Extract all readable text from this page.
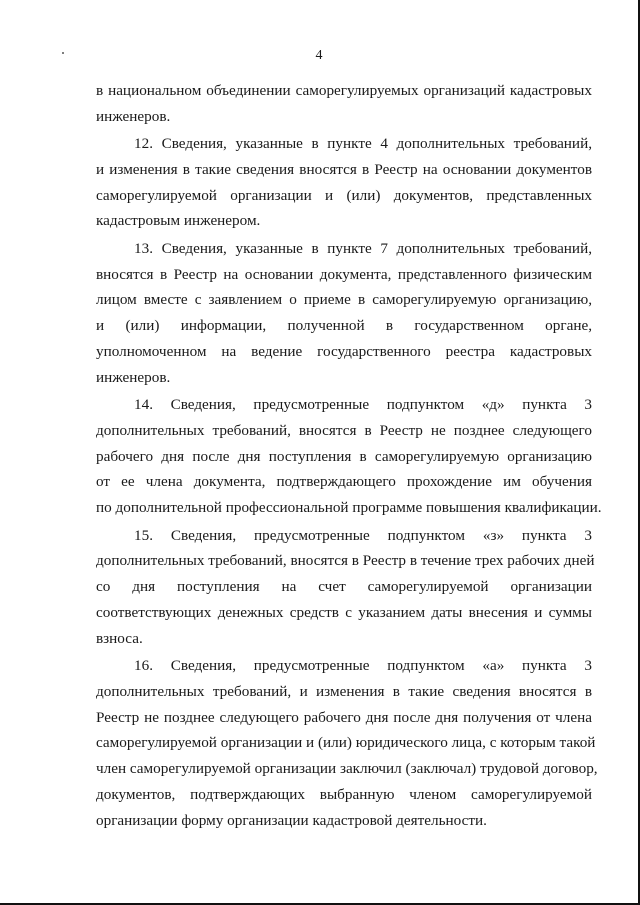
4
в национальном объединении саморегулируемых организаций кадастровых
инженеров.
12. Сведения, указанные в пункте 4 дополнительных требований,
и изменения в такие сведения вносятся в Реестр на основании документов
саморегулируемой организации и (или) документов, представленных
кадастровым инженером.
13. Сведения, указанные в пункте 7 дополнительных требований,
вносятся в Реестр на основании документа, представленного физическим
лицом вместе с заявлением о приеме в саморегулируемую организацию,
и (или) информации, полученной в государственном органе,
уполномоченном на ведение государственного реестра кадастровых
инженеров.
14. Сведения, предусмотренные подпунктом «д» пункта 3
дополнительных требований, вносятся в Реестр не позднее следующего
рабочего дня после дня поступления в саморегулируемую организацию
от ее члена документа, подтверждающего прохождение им обучения
по дополнительной профессиональной программе повышения квалификации.
15. Сведения, предусмотренные подпунктом «з» пункта 3
дополнительных требований, вносятся в Реестр в течение трех рабочих дней
со дня поступления на счет саморегулируемой организации
соответствующих денежных средств с указанием даты внесения и суммы
взноса.
16. Сведения, предусмотренные подпунктом «а» пункта 3
дополнительных требований, и изменения в такие сведения вносятся в
Реестр не позднее следующего рабочего дня после дня получения от члена
саморегулируемой организации и (или) юридического лица, с которым такой
член саморегулируемой организации заключил (заключал) трудовой договор,
документов, подтверждающих выбранную членом саморегулируемой
организации форму организации кадастровой деятельности.
